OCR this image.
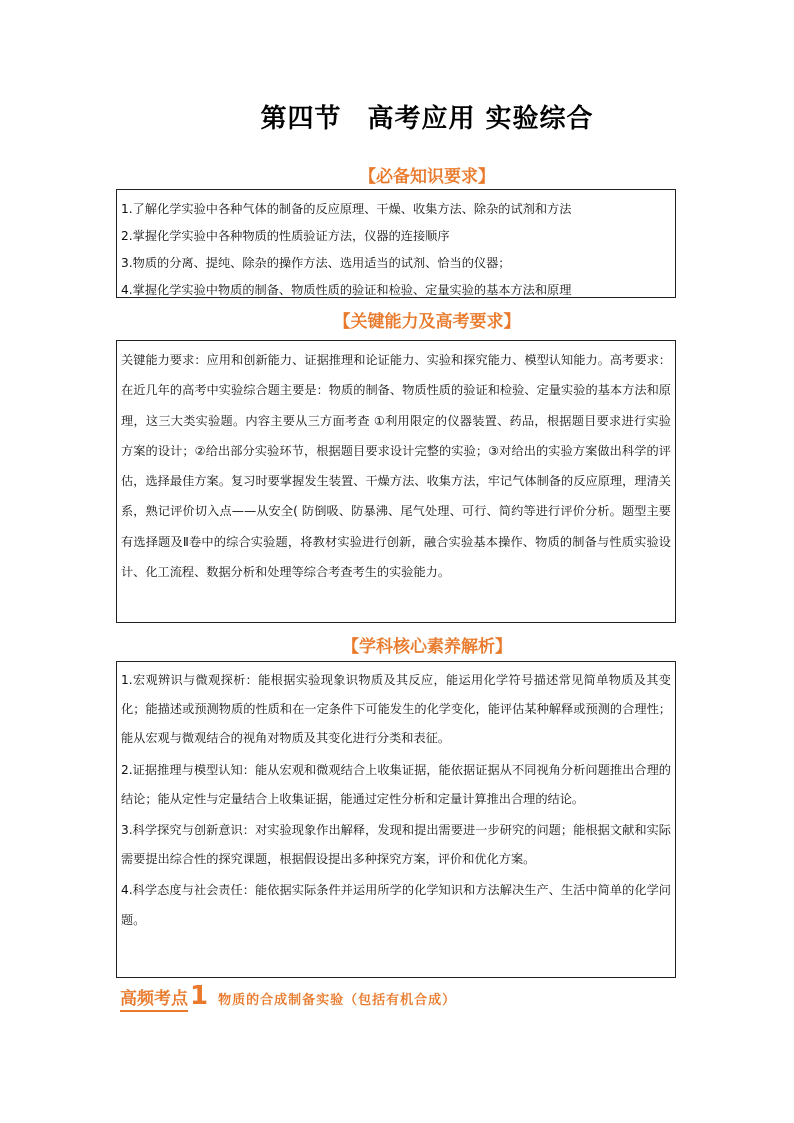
第四节 高考应用 实验综合
【必备知识要求】

1.了解化学实验中各种气体的制备的反应原理、干燥、收集方法、除杂的试剂和方法

2.掌握化学实验中各种物质的性质验证方法，仪器的连接顺序

3.物质的分离、提纯、除杂的操作方法、选用适当的试剂、恰当的仪器；

4.掌握化学实验中物质的制备、物质性质的验证和检验、定量实验的基本方法和原理

【关键能力及高考要求】

关键能力要求：应用和创新能力、证据推理和论证能力、实验和探究能力、模型认知能力。高考要求：在近几年的高考中实验综合题主要是：物质的制备、物质性质的验证和检验、定量实验的基本方法和原理，这三大类实验题。内容主要从三方面考查 ①利用限定的仪器装置、药品，根据题目要求进行实验方案的设计；②给出部分实验环节，根据题目要求设计完整的实验；③对给出的实验方案做出科学的评估，选择最佳方案。复习时要掌握发生装置、干燥方法、收集方法，牢记气体制备的反应原理，理清关系，熟记评价切入点——从安全( 防倒吸、防暴沸、尾气处理、可行、简约等进行评价分析。题型主要有选择题及Ⅱ卷中的综合实验题，将教材实验进行创新，融合实验基本操作、物质的制备与性质实验设计、化工流程、数据分析和处理等综合考查考生的实验能力。

【学科核心素养解析】

1.宏观辨识与微观探析：能根据实验现象识物质及其反应，能运用化学符号描述常见简单物质及其变化；能描述或预测物质的性质和在一定条件下可能发生的化学变化，能评估某种解释或预测的合理性；能从宏观与微观结合的视角对物质及其变化进行分类和表征。

2.证据推理与模型认知：能从宏观和微观结合上收集证据，能依据证据从不同视角分析问题推出合理的结论；能从定性与定量结合上收集证据，能通过定性分析和定量计算推出合理的结论。

3.科学探究与创新意识：对实验现象作出解释，发现和提出需要进一步研究的问题；能根据文献和实际需要提出综合性的探究课题，根据假设提出多种探究方案，评价和优化方案。

4.科学态度与社会责任：能依据实际条件并运用所学的化学知识和方法解决生产、生活中简单的化学问题。

高频考点 1 物质的合成制备实验（包括有机合成）
